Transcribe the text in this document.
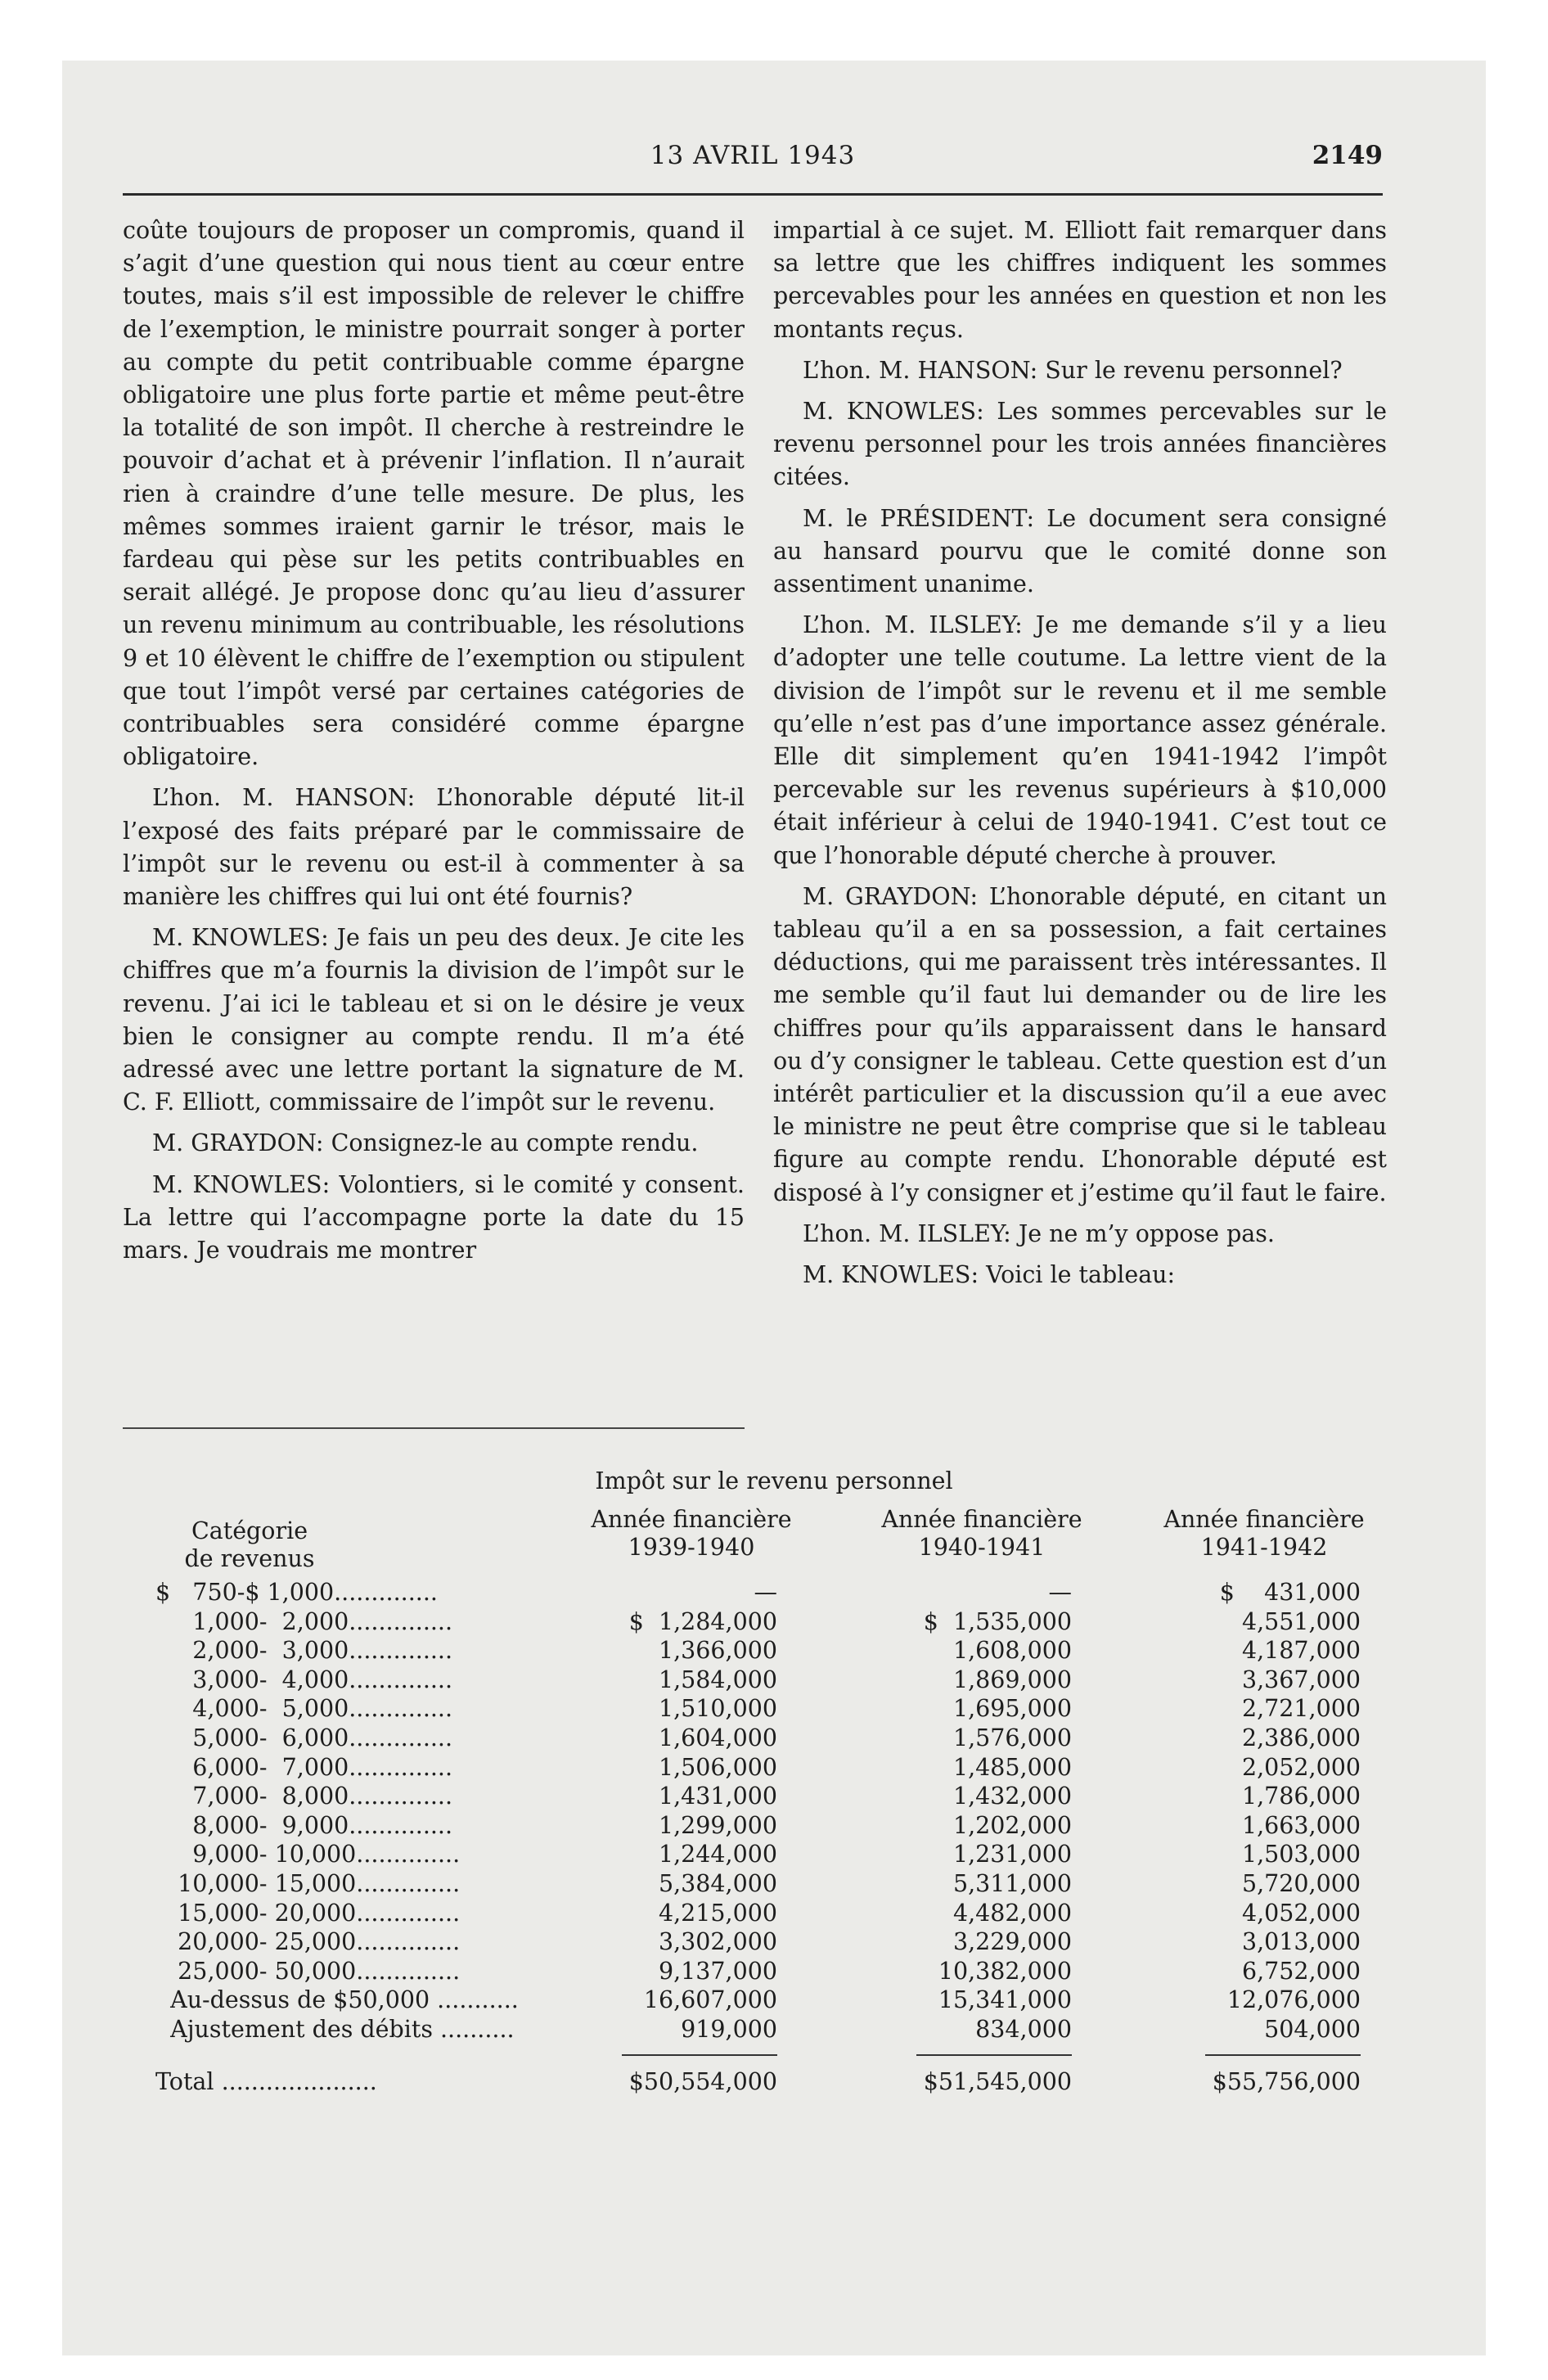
13 AVRIL 1943	2149

coûte toujours de proposer un compromis, quand il s’agit d’une question qui nous tient au cœur entre toutes, mais s’il est impossible de relever le chiffre de l’exemption, le ministre pourrait songer à porter au compte du petit contribuable comme épargne obligatoire une plus forte partie et même peut-être la totalité de son impôt. Il cherche à restreindre le pouvoir d’achat et à prévenir l’inflation. Il n’aurait rien à craindre d’une telle mesure. De plus, les mêmes sommes iraient garnir le trésor, mais le fardeau qui pèse sur les petits contribuables en serait allégé. Je propose donc qu’au lieu d’assurer un revenu minimum au contribuable, les résolutions 9 et 10 élèvent le chiffre de l’exemption ou stipulent que tout l’impôt versé par certaines catégories de contribuables sera considéré comme épargne obligatoire.

L’hon. M. HANSON: L’honorable député lit-il l’exposé des faits préparé par le commissaire de l’impôt sur le revenu ou est-il à commenter à sa manière les chiffres qui lui ont été fournis?

M. KNOWLES: Je fais un peu des deux. Je cite les chiffres que m’a fournis la division de l’impôt sur le revenu. J’ai ici le tableau et si on le désire je veux bien le consigner au compte rendu. Il m’a été adressé avec une lettre portant la signature de M. C. F. Elliott, commissaire de l’impôt sur le revenu.

M. GRAYDON: Consignez-le au compte rendu.

M. KNOWLES: Volontiers, si le comité y consent. La lettre qui l’accompagne porte la date du 15 mars. Je voudrais me montrer

impartial à ce sujet. M. Elliott fait remarquer dans sa lettre que les chiffres indiquent les sommes percevables pour les années en question et non les montants reçus.

L’hon. M. HANSON: Sur le revenu personnel?

M. KNOWLES: Les sommes percevables sur le revenu personnel pour les trois années financières citées.

M. le PRÉSIDENT: Le document sera consigné au hansard pourvu que le comité donne son assentiment unanime.

L’hon. M. ILSLEY: Je me demande s’il y a lieu d’adopter une telle coutume. La lettre vient de la division de l’impôt sur le revenu et il me semble qu’elle n’est pas d’une importance assez générale. Elle dit simplement qu’en 1941-1942 l’impôt percevable sur les revenus supérieurs à $10,000 était inférieur à celui de 1940-1941. C’est tout ce que l’honorable député cherche à prouver.

M. GRAYDON: L’honorable député, en citant un tableau qu’il a en sa possession, a fait certaines déductions, qui me paraissent très intéressantes. Il me semble qu’il faut lui demander ou de lire les chiffres pour qu’ils apparaissent dans le hansard ou d’y consigner le tableau. Cette question est d’un intérêt particulier et la discussion qu’il a eue avec le ministre ne peut être comprise que si le tableau figure au compte rendu. L’honorable député est disposé à l’y consigner et j’estime qu’il faut le faire.

L’hon. M. ILSLEY: Je ne m’y oppose pas.

M. KNOWLES: Voici le tableau:

Impôt sur le revenu personnel
Catégorie
de revenus
Année financière
1939-1940
Année financière
1940-1941
Année financière
1941-1942
$   750-$ 1,000..............	—	—	$    431,000
1,000-  2,000..............	$  1,284,000	$  1,535,000	4,551,000
2,000-  3,000..............	1,366,000	1,608,000	4,187,000
3,000-  4,000..............	1,584,000	1,869,000	3,367,000
4,000-  5,000..............	1,510,000	1,695,000	2,721,000
5,000-  6,000..............	1,604,000	1,576,000	2,386,000
6,000-  7,000..............	1,506,000	1,485,000	2,052,000
7,000-  8,000..............	1,431,000	1,432,000	1,786,000
8,000-  9,000..............	1,299,000	1,202,000	1,663,000
9,000- 10,000..............	1,244,000	1,231,000	1,503,000
10,000- 15,000..............	5,384,000	5,311,000	5,720,000
15,000- 20,000..............	4,215,000	4,482,000	4,052,000
20,000- 25,000..............	3,302,000	3,229,000	3,013,000
25,000- 50,000..............	9,137,000	10,382,000	6,752,000
Au-dessus de $50,000 ...........	16,607,000	15,341,000	12,076,000
Ajustement des débits ..........	919,000	834,000	504,000
Total .....................	$50,554,000	$51,545,000	$55,756,000
